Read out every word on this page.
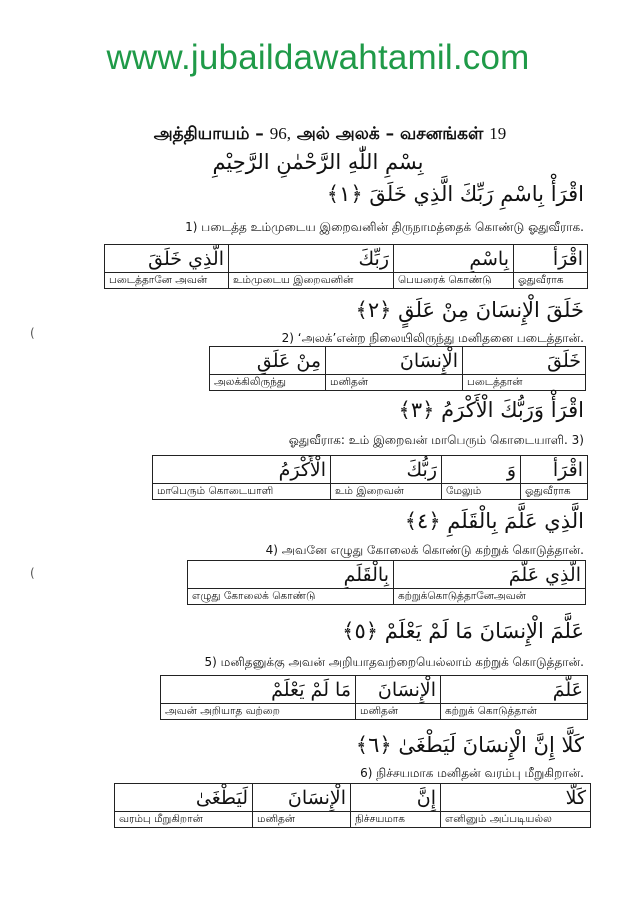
www.jubaildawahtamil.com
அத்தியாயம் – 96, அல் அலக் – வசனங்கள் 19
بِسْمِ اللّٰهِ الرَّحْمٰنِ الرَّحِيْمِ
(
(
اقْرَأْ بِاسْمِ رَبِّكَ الَّذِي خَلَقَ ﴿١﴾
1) படைத்த உம்முடைய இறைவனின் திருநாமத்தைக் கொண்டு ஓதுவீராக.
اقْرَأْ	بِاسْمِ	رَبِّكَ	الَّذِي خَلَقَ
ஓதுவீராக	பெயரைக் கொண்டு	உம்முடைய இறைவனின்	படைத்தானே அவன்
خَلَقَ الْإِنسَانَ مِنْ عَلَقٍ ﴿٢﴾
2) ‘அலக்’என்ற நிலையிலிருந்து மனிதனை படைத்தான்.
خَلَقَ	الْإِنسَانَ	مِنْ عَلَقٍ
படைத்தான்	மனிதன்	அலக்கிலிருந்து
اقْرَأْ وَرَبُّكَ الْأَكْرَمُ ﴿٣﴾
ஓதுவீராக: உம் இறைவன் மாபெரும் கொடையாளி. 3)
اقْرَأْ	وَ	رَبُّكَ	الْأَكْرَمُ
ஓதுவீராக	மேலும்	உம் இறைவன்	மாபெரும் கொடையாளி
الَّذِي عَلَّمَ بِالْقَلَمِ ﴿٤﴾
4) அவனே எழுது கோலைக் கொண்டு கற்றுக் கொடுத்தான்.
الَّذِي عَلَّمَ	بِالْقَلَمِ
கற்றுக்கொடுத்தானேஅவன்	எழுது கோலைக் கொண்டு
عَلَّمَ الْإِنسَانَ مَا لَمْ يَعْلَمْ ﴿٥﴾
5) மனிதனுக்கு அவன் அறியாதவற்றையெல்லாம் கற்றுக் கொடுத்தான்.
عَلَّمَ	الْإِنسَانَ	مَا لَمْ يَعْلَمْ
கற்றுக் கொடுத்தான்	மனிதன்	அவன் அறியாத வற்றை
كَلَّا إِنَّ الْإِنسَانَ لَيَطْغَىٰ ﴿٦﴾
6) நிச்சயமாக மனிதன் வரம்பு மீறுகிறான்.
كَلَّا	إِنَّ	الْإِنسَانَ	لَيَطْغَىٰ
எனினும் அப்படியல்ல	நிச்சயமாக	மனிதன்	வரம்பு மீறுகிறான்
